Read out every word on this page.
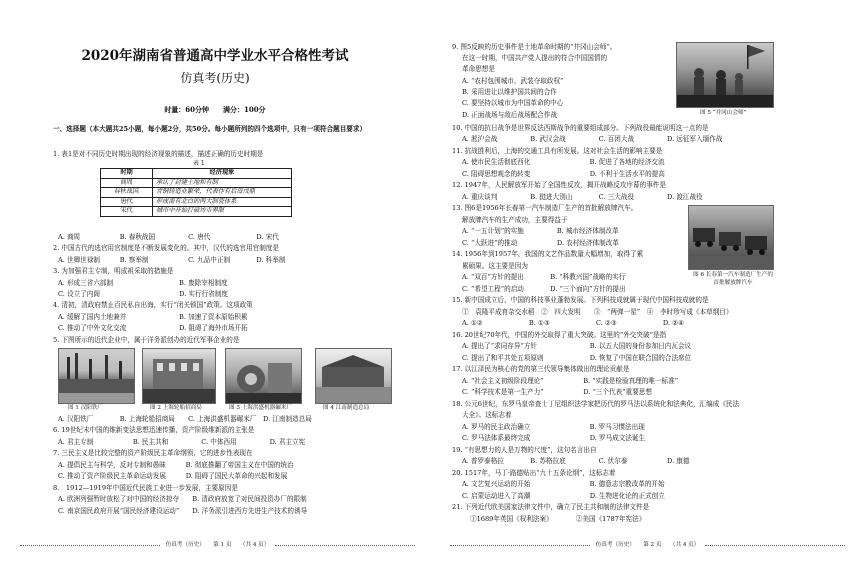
2020年湖南省普通高中学业水平合格性考试
仿真考(历史)
时量：60分钟　　满分：100分
一、选择题（本大题共25小题，每小题2分，共50分。每小题所列的四个选项中，只有一项符合题目要求）
1. 表1是对不同历史时期出现的经济现象的描述，描述正确的历史时期是
表 1
时期	经济现象
商周	承认了封建土地和有制
春秋战国	青铜铸造业繁荣，代表作有后母戊鼎
唐代	形成南有北白的两大制瓷体系
宋代	城市中开始打破坊市界限
A. 商周　　　　　　B. 春秋战国　　　　　C. 唐代　　　　　　　D. 宋代
2. 中国古代的选官用官制度是不断发展变化的。其中，汉代的选官用官制度是
A. 世卿世禄制　　　B. 察举制　　　　　　C. 九品中正制　　　　D. 科举制
3. 为加强君主专制，明成祖采取的措施是
A. 形成三省六部制　　　　　　　　　　B. 废除宰相制度
C. 设立了内阁　　　　　　　　　　　　D. 实行行省制度
4. 清初，清政府禁止百民私自出海，实行“闭关锁国”政策。这项政策
A. 缓解了国内土地兼并　　　　　　　　B. 加速了资本原始积累
C. 推动了中外文化交流　　　　　　　　D. 阻碍了海外市场开拓
5. 下图所示的近代企业中，属于洋务派创办的近代军事企业的是
图 1 汉阳铁厂	图 2 上海轮船招商局	图 3 上海洪盛机器碾米厂	图 4 江南制造总局
A. 汉阳铁厂　　　　B. 上海轮船招商局　　C. 上海洪盛机器碾米厂　D. 江南制造总局
6. 19世纪末中国的维新变法思想迅速传播，资产阶级维新派的主张是
A. 君主专制　　　　　　B. 民主共和　　　　　C. 中体西用　　　　　D. 君主立宪
7. 三民主义是比较完整的资产阶级民主革命纲领，它的进步性表现在
A. 提倡民主与科学，反对专制和愚昧　　　B. 彻底推翻了帝国主义在中国的统治
C. 推动了资产阶级民主革命运动发展　　　D. 阻碍了国民大革命的兴起和发展
8.　1912—1919年中国近代民族工业进一步发展，主要原因是
A. 欧洲列强暂时放松了对中国的经济掠夺　　B. 清政府放宽了对民间投资办厂的限制
C. 南京国民政府开展“国民经济建设运动”　　D. 洋务派引进西方先进生产技术的诱导
仿真考（历史）　　第 1 页　　（共 4 页）
9. 图5反映的历史事件是土地革命时期的“井冈山会师”。
在这一时期，中国共产党人提出的符合中国国情的
革命思想是
A. “农村包围城市，武装夺取政权”
B. 采用进让以维护国共间的合作
C. 要坚持以城市为中国革命的中心
D. 正面战场与敌后战场配合作战	图 5 “井冈山会师”
10. 中国的抗日战争是世界反法西斯战争的重要组成部分。下列战役最能说明这一点的是
A. 淞沪会战　　　　　B. 武汉会战　　　　　C. 百团大战　　　　　D. 远征军入缅作战
11. 抗战胜利后，上海的交通工具有所发展。这对社会生活的影响主要是
A. 使市民生活彻底西化　　　　　　　　　B. 促进了各地的经济交流
C. 阻碍思想观念的转变　　　　　　　　　D. 不利于生活水平的提高
12. 1947年，人民解放军开始了全国性反攻，揭开战略反攻序幕的事件是
A. 重庆谈判　　　　　B. 挺进大别山　　　　C. 三大战役　　　　　D. 渡江战役
13. 图6是1956年长春第一汽车制造厂生产的首批解放牌汽车。
解放牌汽车的生产成功，主要得益于
A. “一五计划”的实施　　　　　B. 城市经济体制改革
C. “大跃进”的推动　　　　　　D. 农村经济体制改革
14. 1956年到1957年，我国的文艺作品数量大幅增加，取得了累
累硕果。这主要是因为
A. “双百”方针的提出　　　　B. “科教兴国”战略的实行
C. “希望工程”的启动　　　　D. “三个面向”方针的提出
图 6 长春第一汽车制造厂生产的首批解放牌汽车
15. 新中国成立后，中国的科技事业蓬勃发展。下列科技成就属于现代中国科技成就的是
①　袁隆平成育杂交水稻　②　四大发明　　③　“两弹一星”　④　李时珍写成《本草纲目》
A. ①②　　　　　　　B. ①③　　　　　　　C. ②③　　　　　　　D. ②④
16. 20世纪70年代，中国的外交取得了重大突破。这里的“外交突破”是指
A. 提出了“求同存异”方针　　　　　　　　B. 以五大国的身份参加日内瓦会议
C. 提出了和平共处五项原则　　　　　　　D. 恢复了中国在联合国的合法席位
17. 以江泽民为核心的党的第三代领导集体做出的理论贡献是
A. “社会主义初级阶段理论”　　　　　　B. “实践是检验真理的唯一标准”
C. “科学技术是第一生产力”　　　　　　D. “三个代表”重要思想
18. 公元6世纪，东罗马皇帝查士丁尼组织法学家把历代的罗马法以系统化和法典化，汇编成《民法
大全》。这标志着
A. 罗马的民主政治确立　　　　　　　　　B. 罗马习惯法出现
C. 罗马法体系最终完成　　　　　　　　　D. 罗马成文法诞生
19. “有思想力的人是万物的尺度”，这句名言出自
A. 普罗泰格拉　　　　B. 苏格拉底　　　　　C. 伏尔泰　　　　　　D. 康德
20. 1517年，马丁·路德贴出“九十五条论纲”，这标志着
A. 文艺复兴运动的开始　　　　　　　　　B. 德意志宗教改革的开始
C. 启蒙运动进入了高潮　　　　　　　　　D. 生物进化论的正式创立
21. 下列近代欧美国家法律文件中，确立了民主共和制的法律文件是
①1689年英国《权利法案》　　　　②美国《1787年宪法》
仿真考（历史）　　第 2 页　　（共 4 页）
